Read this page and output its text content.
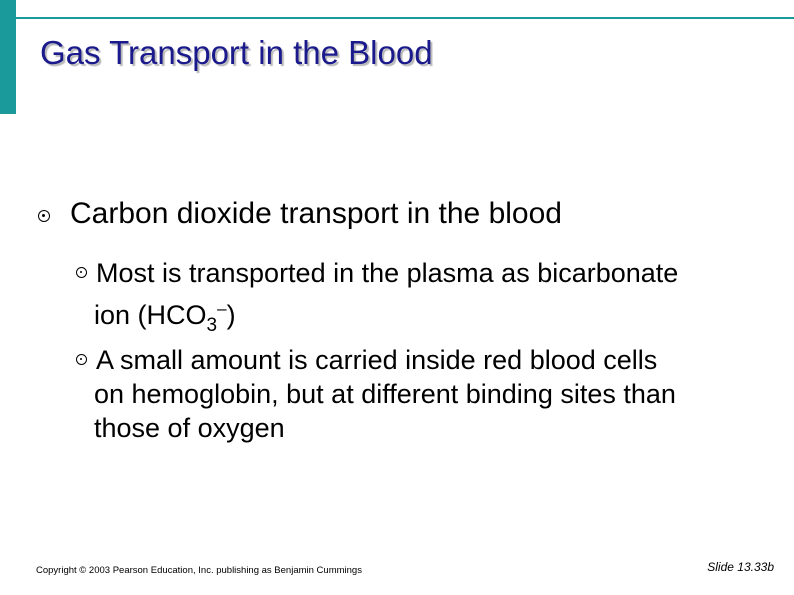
Gas Transport in the Blood
Carbon dioxide transport in the blood
Most is transported in the plasma as bicarbonate
ion $(HCO_3^-)$
A small amount is carried inside red blood cells
on hemoglobin, but at different binding sites than
those of oxygen
Copyright © 2003 Pearson Education, Inc. publishing as Benjamin Cummings	Slide 13.33b
